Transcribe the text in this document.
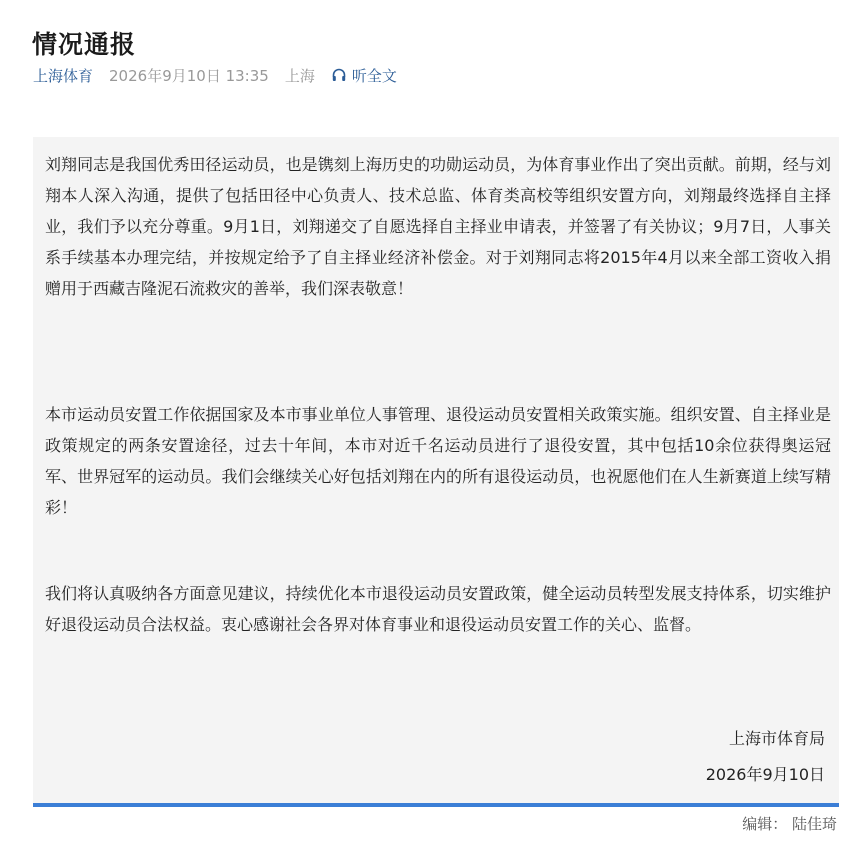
情况通报
上海体育 2026年9月10日 13:35 上海 听全文

刘翔同志是我国优秀田径运动员，也是镌刻上海历史的功勋运动员，为体育事业作出了突出贡献。前期，经与刘翔本人深入沟通，提供了包括田径中心负责人、技术总监、体育类高校等组织安置方向，刘翔最终选择自主择业，我们予以充分尊重。9月1日，刘翔递交了自愿选择自主择业申请表，并签署了有关协议；9月7日，人事关系手续基本办理完结，并按规定给予了自主择业经济补偿金。对于刘翔同志将2015年4月以来全部工资收入捐赠用于西藏吉隆泥石流救灾的善举，我们深表敬意！

本市运动员安置工作依据国家及本市事业单位人事管理、退役运动员安置相关政策实施。组织安置、自主择业是政策规定的两条安置途径，过去十年间，本市对近千名运动员进行了退役安置，其中包括10余位获得奥运冠军、世界冠军的运动员。我们会继续关心好包括刘翔在内的所有退役运动员，也祝愿他们在人生新赛道上续写精彩！

我们将认真吸纳各方面意见建议，持续优化本市退役运动员安置政策，健全运动员转型发展支持体系，切实维护好退役运动员合法权益。衷心感谢社会各界对体育事业和退役运动员安置工作的关心、监督。

上海市体育局
2026年9月10日
编辑： 陆佳琦
